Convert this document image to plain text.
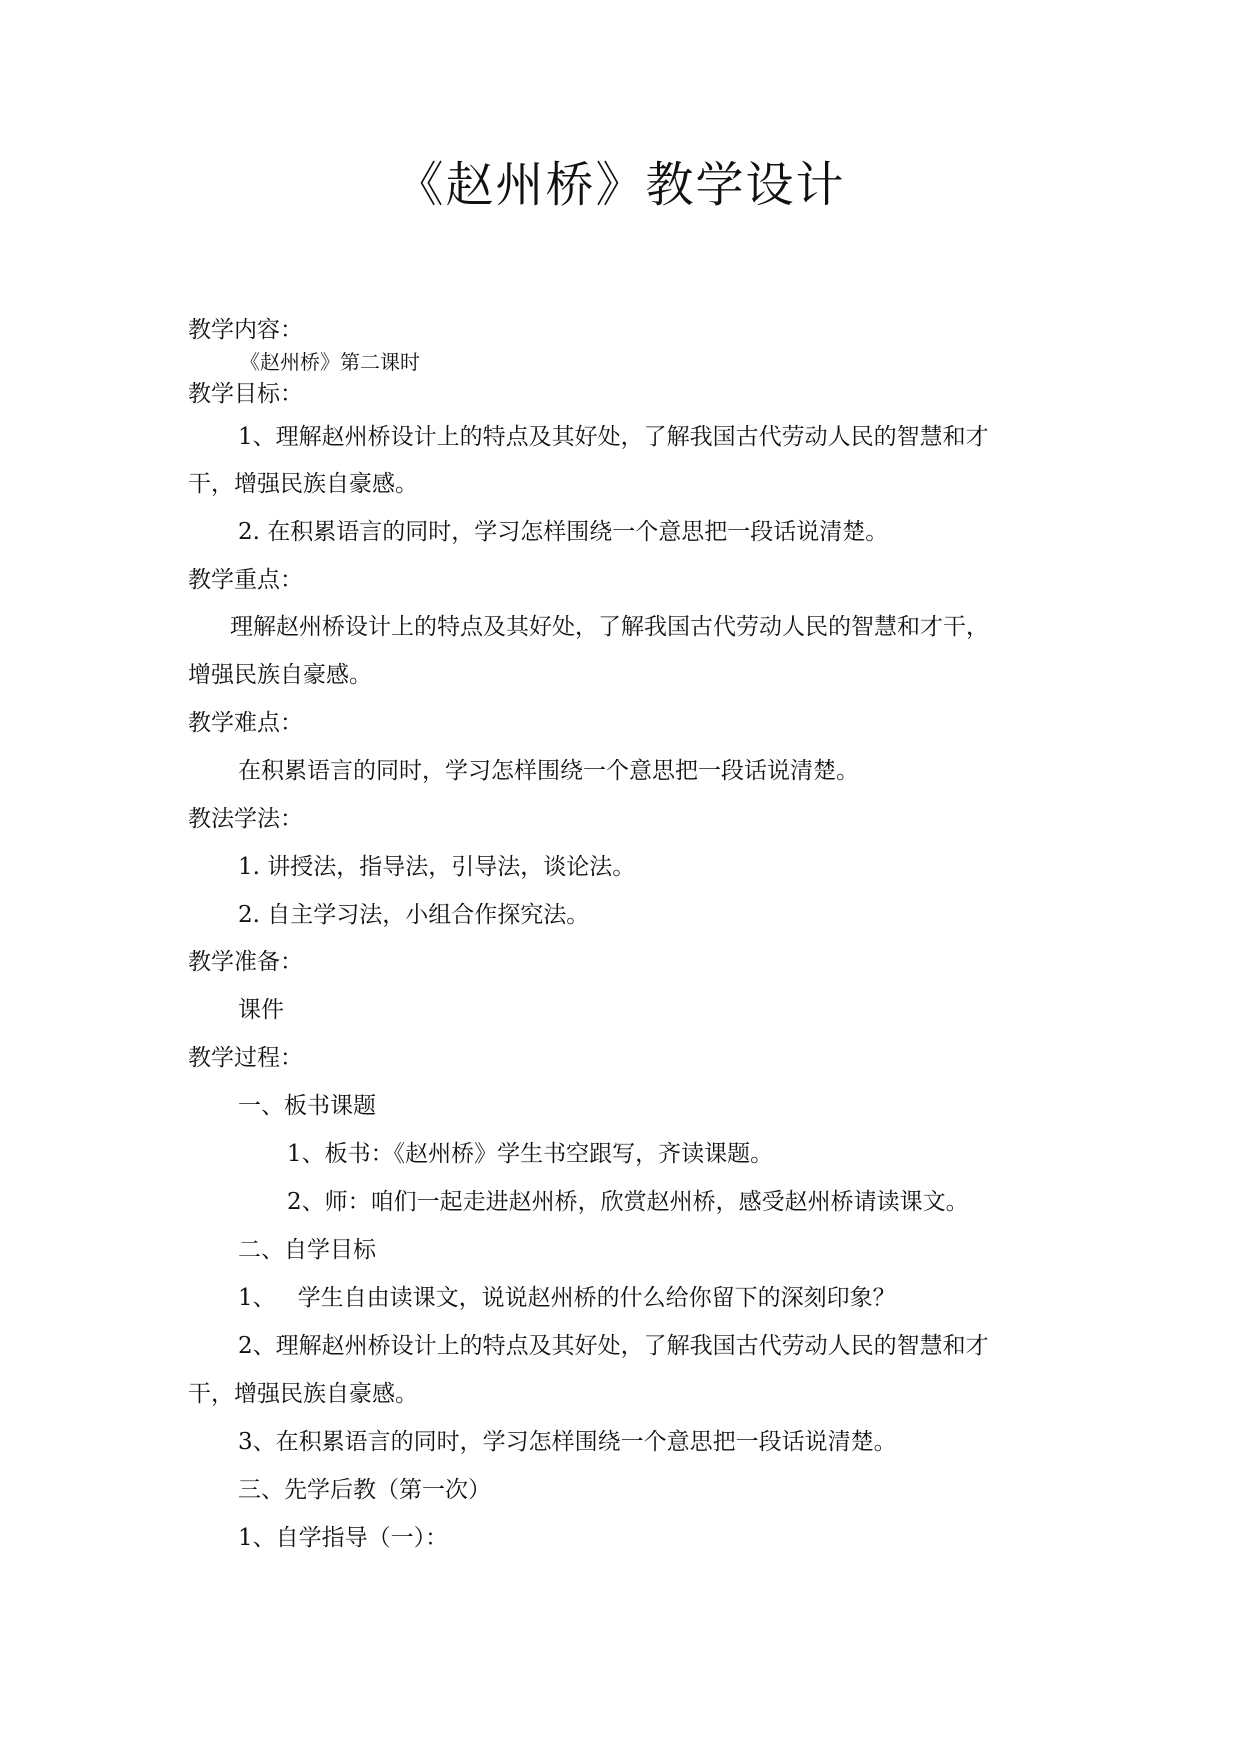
《赵州桥》教学设计
教学内容：
《赵州桥》第二课时
教学目标：
1、理解赵州桥设计上的特点及其好处，了解我国古代劳动人民的智慧和才
干，增强民族自豪感。
2. 在积累语言的同时，学习怎样围绕一个意思把一段话说清楚。
教学重点：
理解赵州桥设计上的特点及其好处，了解我国古代劳动人民的智慧和才干，
增强民族自豪感。
教学难点：
在积累语言的同时，学习怎样围绕一个意思把一段话说清楚。
教法学法：
1. 讲授法，指导法，引导法，谈论法。
2. 自主学习法，小组合作探究法。
教学准备：
课件
教学过程：
一、板书课题
1、板书：《赵州桥》学生书空跟写，齐读课题。
2、师：咱们一起走进赵州桥，欣赏赵州桥，感受赵州桥请读课文。
二、自学目标
1、   学生自由读课文，说说赵州桥的什么给你留下的深刻印象？
2、理解赵州桥设计上的特点及其好处，了解我国古代劳动人民的智慧和才
干，增强民族自豪感。
3、在积累语言的同时，学习怎样围绕一个意思把一段话说清楚。
三、先学后教（第一次）
1、自学指导（一）：
